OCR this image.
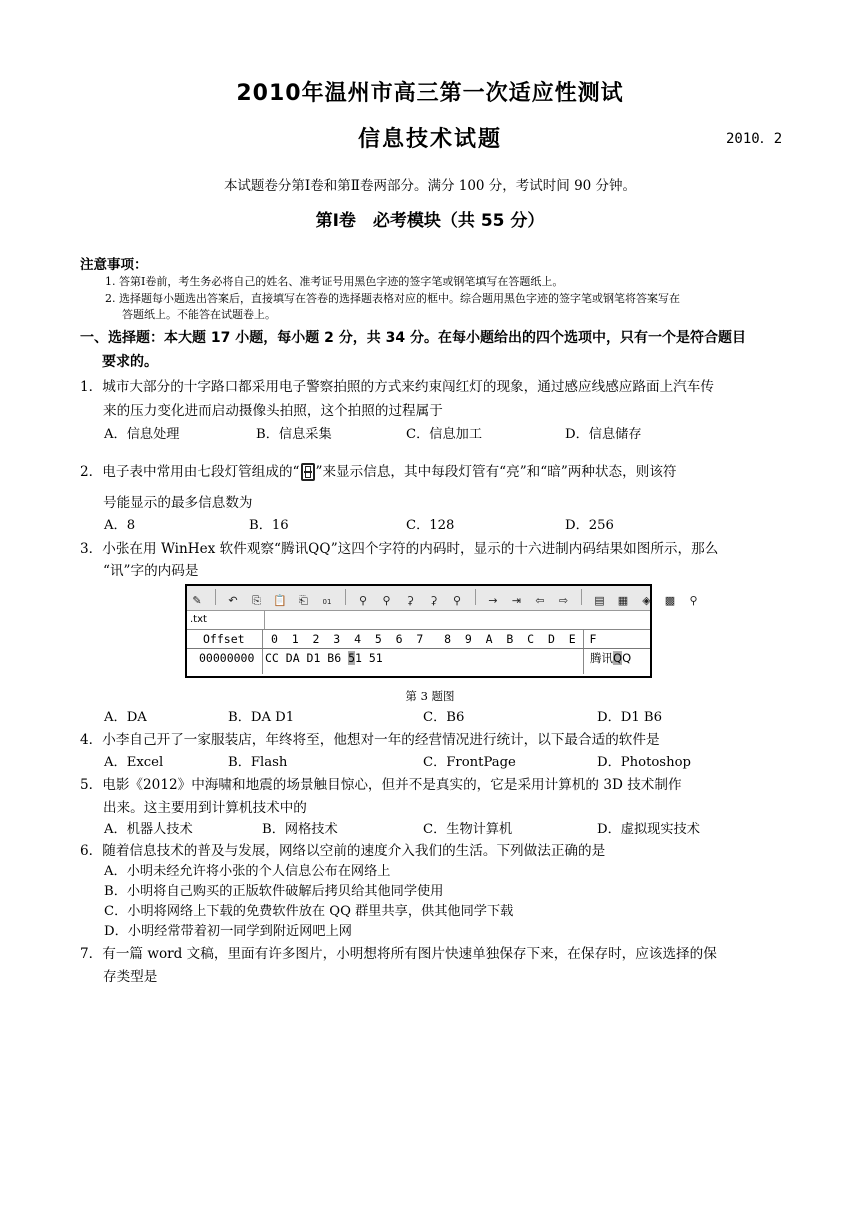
2010年温州市高三第一次适应性测试
信息技术试题	2010．2
本试题卷分第Ⅰ卷和第Ⅱ卷两部分。满分 100 分，考试时间 90 分钟。
第Ⅰ卷　必考模块（共 55 分）
注意事项：
1. 答第Ⅰ卷前，考生务必将自己的姓名、准考证号用黑色字迹的签字笔或钢笔填写在答题纸上。
2. 选择题每小题选出答案后，直接填写在答卷的选择题表格对应的框中。综合题用黑色字迹的签字笔或钢笔将答案写在
答题纸上。不能答在试题卷上。
一、选择题：本大题 17 小题，每小题 2 分，共 34 分。在每小题给出的四个选项中，只有一个是符合题目
要求的。
1．城市大部分的十字路口都采用电子警察拍照的方式来约束闯红灯的现象，通过感应线感应路面上汽车传
来的压力变化进而启动摄像头拍照，这个拍照的过程属于
A．信息处理	B．信息采集	C．信息加工	D．信息储存
2．电子表中常用由七段灯管组成的“ ”来显示信息，其中每段灯管有“亮”和“暗”两种状态，则该符
号能显示的最多信息数为
A．8	B．16	C．128	D．256
3．小张在用 WinHex 软件观察“腾讯QQ”这四个字符的内码时，显示的十六进制内码结果如图所示，那么
“讯”字的内码是
✎ ↶ ⎘ 📋 ⎗ 01	⚲ ⚲ ⚳ ⚳ ⚲ → ⇥ ⇦ ⇨ ▤ ▦ ◈ ▩ ⚲
.txt
Offset 0  1  2  3  4  5  6  7   8  9  A  B  C  D  E  F
00000000 CC DA D1 B6 51 51	腾讯QQ
第 3 题图
A．DA	B．DA D1	C．B6	D．D1 B6
4．小李自己开了一家服装店，年终将至，他想对一年的经营情况进行统计，以下最合适的软件是
A．Excel	B．Flash	C．FrontPage	D．Photoshop
5．电影《2012》中海啸和地震的场景触目惊心，但并不是真实的，它是采用计算机的 3D 技术制作
出来。这主要用到计算机技术中的
A．机器人技术	B．网格技术	C．生物计算机	D．虚拟现实技术
6．随着信息技术的普及与发展，网络以空前的速度介入我们的生活。下列做法正确的是
A．小明未经允许将小张的个人信息公布在网络上
B．小明将自己购买的正版软件破解后拷贝给其他同学使用
C．小明将网络上下载的免费软件放在 QQ 群里共享，供其他同学下载
D．小明经常带着初一同学到附近网吧上网
7．有一篇 word 文稿，里面有许多图片，小明想将所有图片快速单独保存下来，在保存时，应该选择的保
存类型是
